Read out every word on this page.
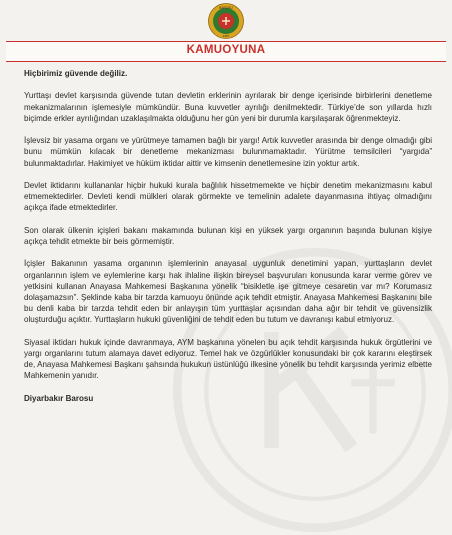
BAROSU
1957
KAMUOYUNA

Hiçbirimiz güvende değiliz.

Yurttaşı devlet karşısında güvende tutan devletin erklerinin ayrılarak bir denge içerisinde birbirlerini denetleme mekanizmalarının işlemesiyle mümkündür. Buna kuvvetler ayrılığı denilmektedir. Türkiye’de son yıllarda hızlı biçimde erkler ayrılığından uzaklaşılmakta olduğunu her gün yeni bir durumla karşılaşarak öğrenmekteyiz.

İşlevsiz bir yasama organı ve yürütmeye tamamen bağlı bir yargı! Artık kuvvetler arasında bir denge olmadığı gibi bunu mümkün kılacak bir denetleme mekanizması bulunmamaktadır. Yürütme temsilcileri “yargıda” bulunmaktadırlar. Hakimiyet ve hüküm iktidar aittir ve kimsenin denetlemesine izin yoktur artık.

Devlet iktidarını kullananlar hiçbir hukuki kurala bağlılık hissetmemekte ve hiçbir denetim mekanizmasını kabul etmemektedirler. Devleti kendi mülkleri olarak görmekte ve temelinin adalete dayanmasına ihtiyaç olmadığını açıkça ifade etmektedirler.

Son olarak ülkenin içişleri bakanı makamında bulunan kişi en yüksek yargı organının başında bulunan kişiye açıkça tehdit etmekte bir beis görmemiştir.

İçişler Bakanının yasama organının işlemlerinin anayasal uygunluk denetimini yapan, yurttaşların devlet organlarının işlem ve eylemlerine karşı hak ihlaline ilişkin bireysel başvuruları konusunda karar verme görev ve yetkisini kullanan Anayasa Mahkemesi Başkanına yönelik “bisikletle işe gitmeye cesaretin var mı? Korumasız dolaşamazsın”. Şeklinde kaba bir tarzda kamuoyu önünde açık tehdit etmiştir. Anayasa Mahkemesi Başkanını bile bu denli kaba bir tarzda tehdit eden bir anlayışın tüm yurttaşlar açısından daha ağır bir tehdit ve güvensizlik oluşturduğu açıktır. Yurttaşların hukuki güvenliğini de tehdit eden bu tutum ve davranışı kabul etmiyoruz.

Siyasal iktidarı hukuk içinde davranmaya, AYM başkanına yönelen bu açık tehdit karşısında hukuk örgütlerini ve yargı organlarını tutum alamaya davet ediyoruz. Temel hak ve özgürlükler konusundaki bir çok kararını eleştirsek de, Anayasa Mahkemesi Başkanı şahsında hukukun üstünlüğü ilkesine yönelik bu tehdit karşısında yerimiz elbette Mahkemenin yanıdır.

Diyarbakır Barosu
